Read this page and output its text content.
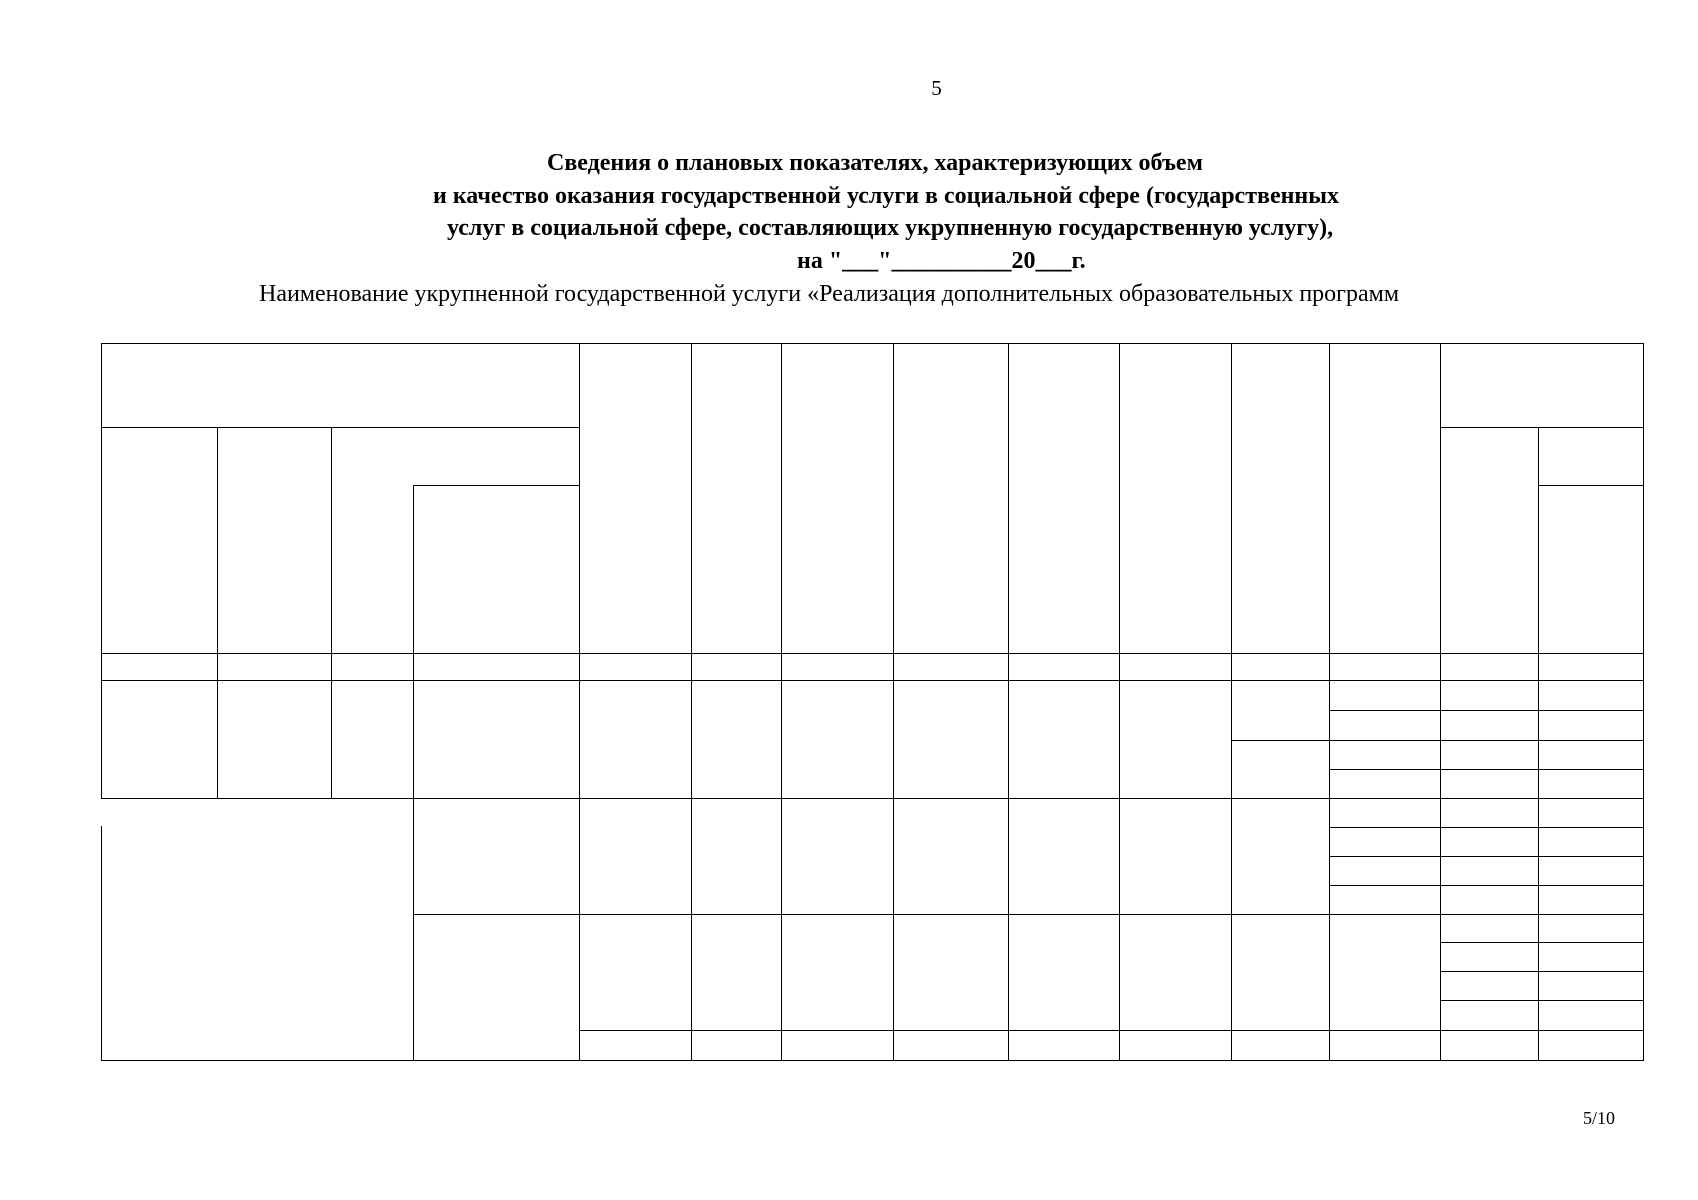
5
Сведения о плановых показателях, характеризующих объем
и качество оказания государственной услуги в социальной сфере (государственных
услуг в социальной сфере, составляющих укрупненную государственную услугу),
на "___"__________20___г.
Наименование укрупненной государственной услуги «Реализация дополнительных образовательных программ
5/10
